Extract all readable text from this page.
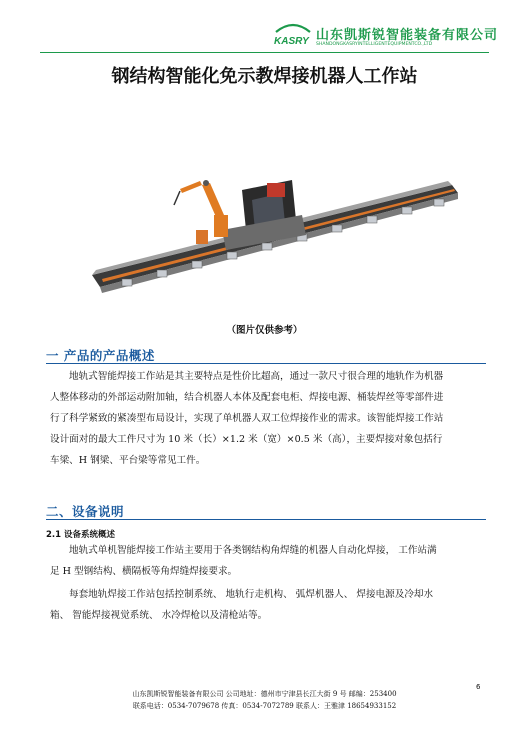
KASRY 山东凯斯锐智能装备有限公司
SHANDONGKASRYINTELLIGENTEQUIPMENTCO.,LTD
钢结构智能化免示教焊接机器人工作站
（图片仅供参考）
一 产品的产品概述
地轨式智能焊接工作站是其主要特点是性价比超高，通过一款尺寸很合理的地轨作为机器
人整体移动的外部运动附加轴，结合机器人本体及配套电柜、焊接电源、桶装焊丝等零部件进
行了科学紧致的紧凑型布局设计，实现了单机器人双工位焊接作业的需求。该智能焊接工作站
设计面对的最大工件尺寸为 10 米（长）×1.2 米（宽）×0.5 米（高），主要焊接对象包括行
车梁、H 钢梁、平台梁等常见工件。
二、设备说明
2.1 设备系统概述
地轨式单机智能焊接工作站主要用于各类钢结构角焊缝的机器人自动化焊接， 工作站满
足 H 型钢结构、横隔板等角焊缝焊接要求。
每套地轨焊接工作站包括控制系统、 地轨行走机构、 弧焊机器人、 焊接电源及冷却水
箱、 智能焊接视觉系统、 水冷焊枪以及清枪站等。
6
山东凯斯锐智能装备有限公司 公司地址：德州市宁津县长江大街 9 号 邮编：253400
联系电话：0534-7079678 传真：0534-7072789 联系人：王雅津 18654933152
